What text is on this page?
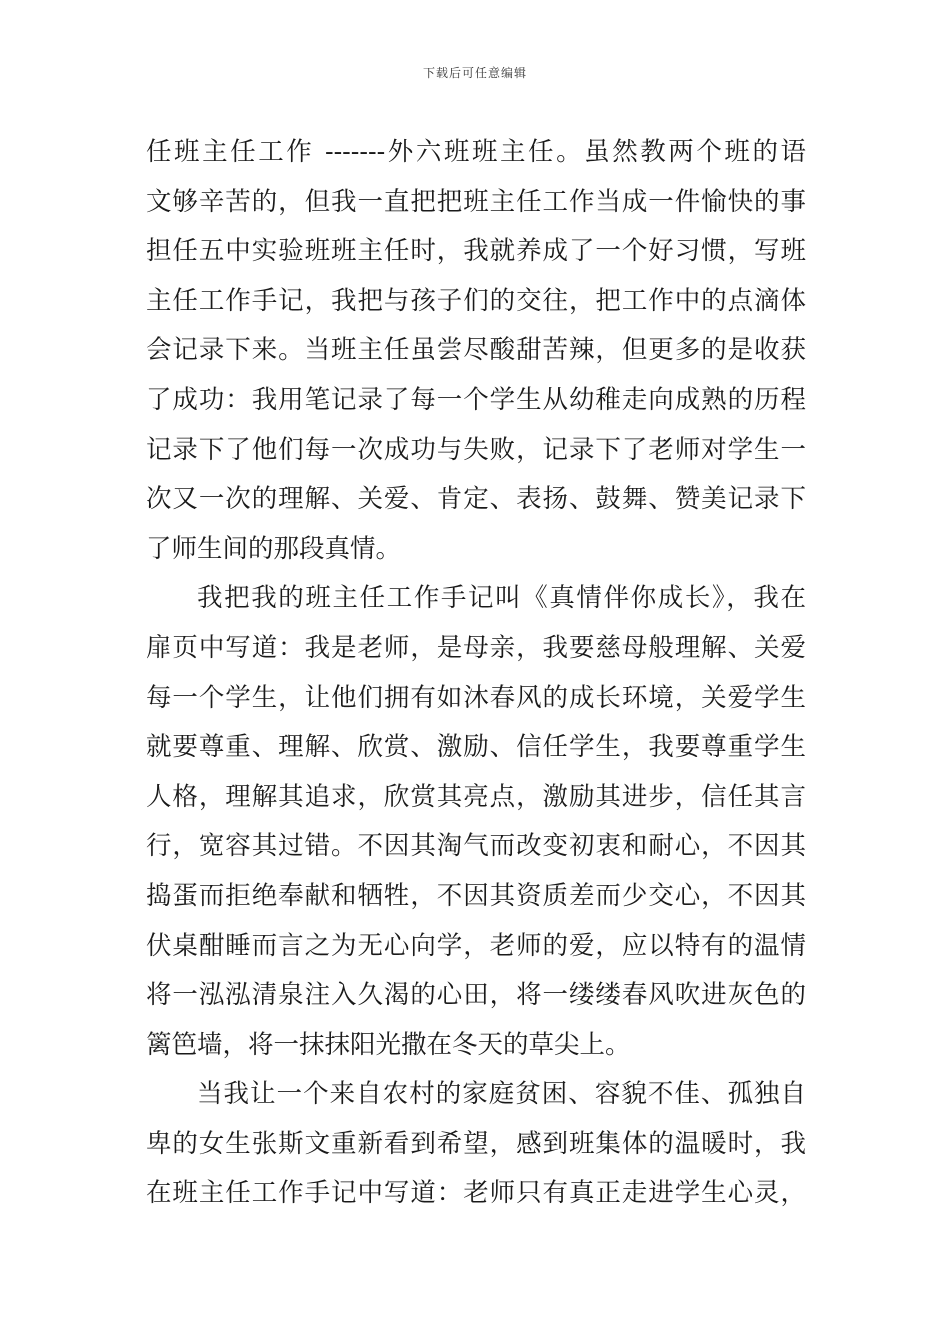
下载后可任意编辑
任班主任工作 -------外六班班主任。虽然教两个班的语
文够辛苦的，但我一直把把班主任工作当成一件愉快的事
担任五中实验班班主任时，我就养成了一个好习惯，写班
主任工作手记，我把与孩子们的交往，把工作中的点滴体
会记录下来。当班主任虽尝尽酸甜苦辣，但更多的是收获
了成功：我用笔记录了每一个学生从幼稚走向成熟的历程
记录下了他们每一次成功与失败，记录下了老师对学生一
次又一次的理解、关爱、肯定、表扬、鼓舞、赞美记录下
了师生间的那段真情。
我把我的班主任工作手记叫《真情伴你成长》，我在
扉页中写道：我是老师，是母亲，我要慈母般理解、关爱
每一个学生，让他们拥有如沐春风的成长环境，关爱学生
就要尊重、理解、欣赏、激励、信任学生，我要尊重学生
人格，理解其追求，欣赏其亮点，激励其进步，信任其言
行，宽容其过错。不因其淘气而改变初衷和耐心，不因其
捣蛋而拒绝奉献和牺牲，不因其资质差而少交心，不因其
伏桌酣睡而言之为无心向学，老师的爱，应以特有的温情
将一泓泓清泉注入久渴的心田，将一缕缕春风吹进灰色的
篱笆墙，将一抹抹阳光撒在冬天的草尖上。
当我让一个来自农村的家庭贫困、容貌不佳、孤独自
卑的女生张斯文重新看到希望，感到班集体的温暖时，我
在班主任工作手记中写道：老师只有真正走进学生心灵，
